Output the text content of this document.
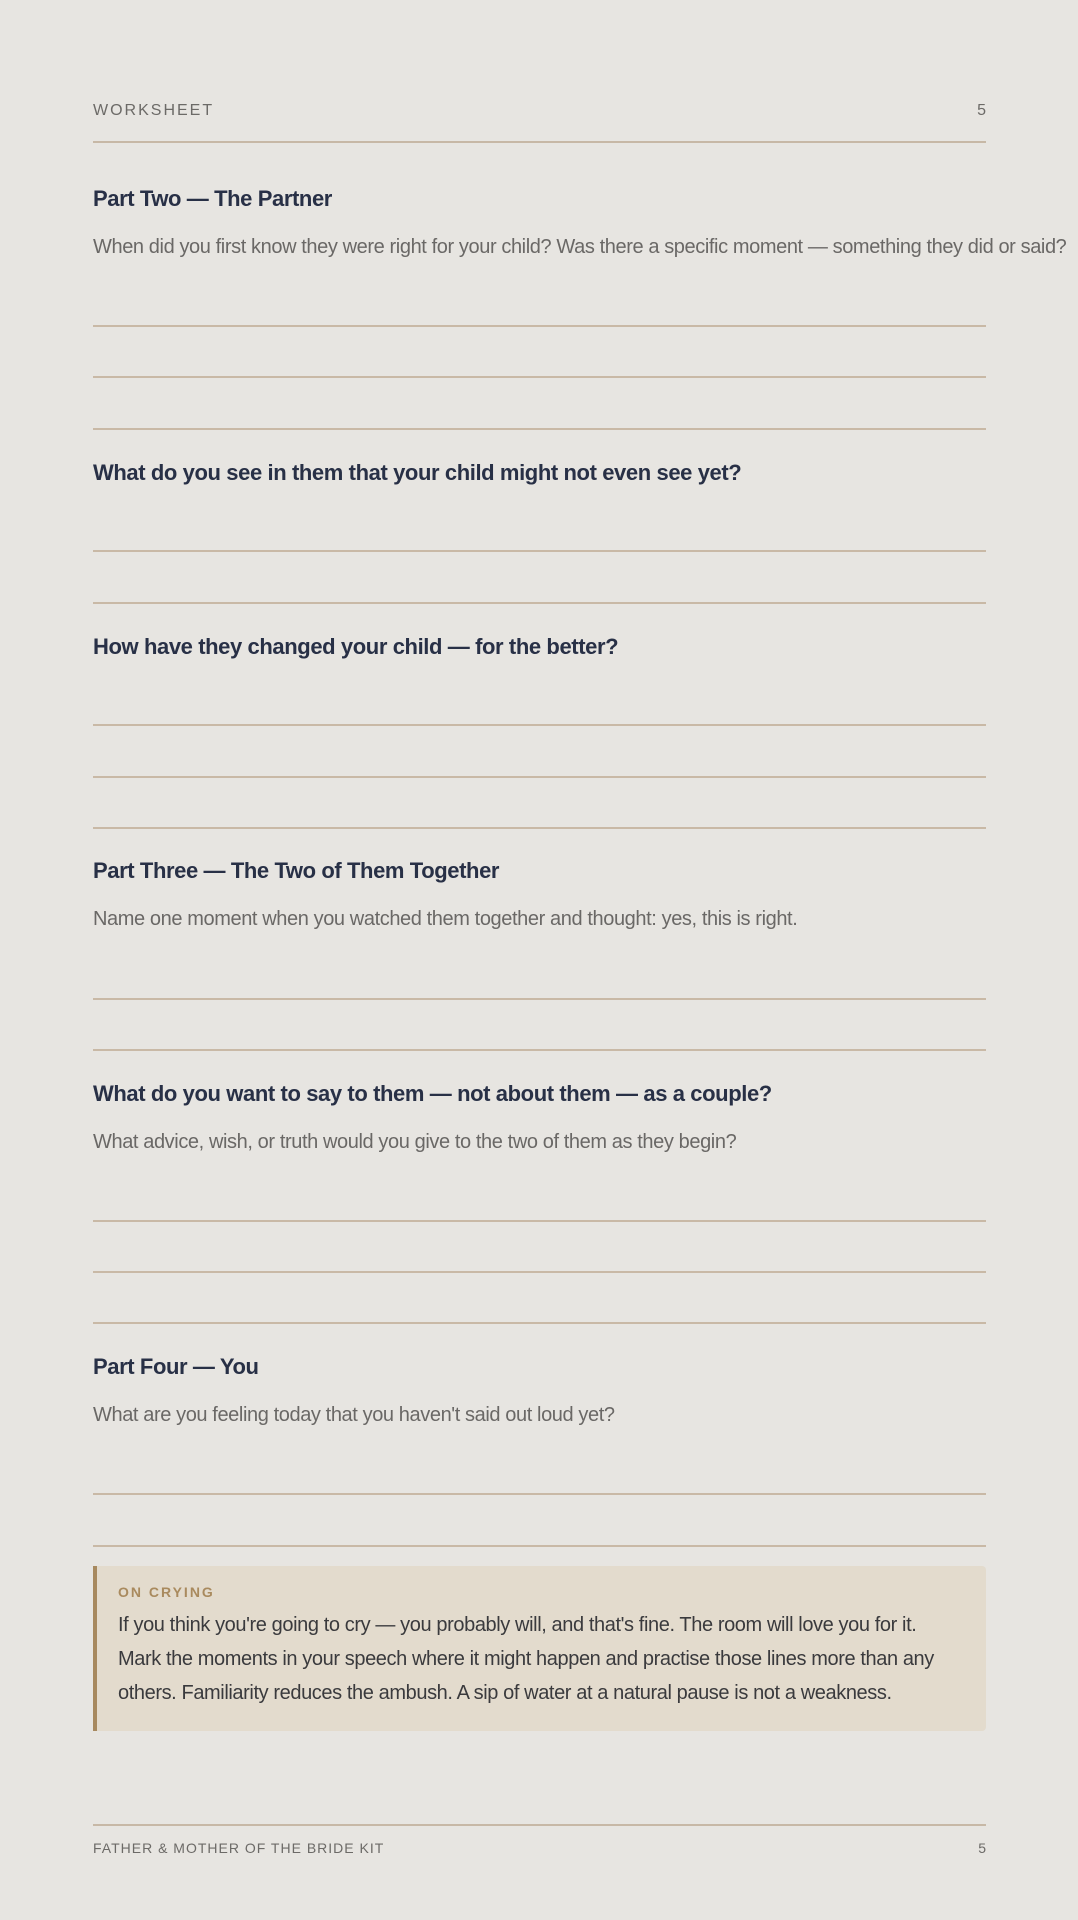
WORKSHEET	5
Part Two — The Partner
When did you first know they were right for your child? Was there a specific moment — something they did or said?
What do you see in them that your child might not even see yet?
How have they changed your child — for the better?
Part Three — The Two of Them Together
Name one moment when you watched them together and thought: yes, this is right.
What do you want to say to them — not about them — as a couple?
What advice, wish, or truth would you give to the two of them as they begin?
Part Four — You
What are you feeling today that you haven't said out loud yet?
ON CRYING
If you think you're going to cry — you probably will, and that's fine. The room will love you for it. Mark the moments in your speech where it might happen and practise those lines more than any others. Familiarity reduces the ambush. A sip of water at a natural pause is not a weakness.
FATHER & MOTHER OF THE BRIDE KIT	5
